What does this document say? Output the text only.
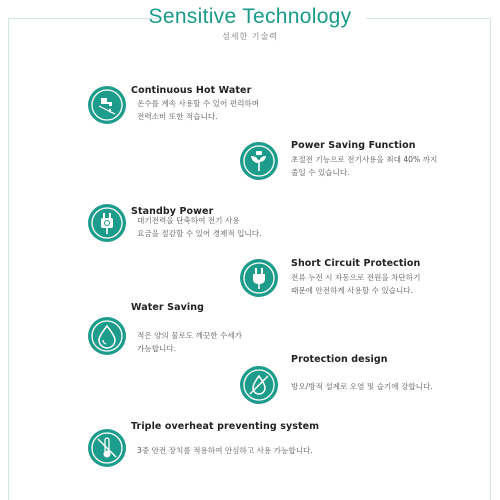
Sensitive Technology
섬세한 기술력
Continuous Hot Water
온수를 계속 사용할 수 있어 편리하며
전력소비 또한 적습니다.
Power Saving Function
초절전 기능으로 전기사용을 최대 40% 까지
줄일 수 있습니다.
Standby Power
대기전력을 단축하여 전기 사용
요금을 절감할 수 있어 경제적 입니다.
Short Circuit Protection
전류 누전 시 자동으로 전원을 차단하기
때문에 안전하게 사용할 수 있습니다.
Water Saving
적은 양의 물로도 깨끗한 수세가
가능합니다.
Protection design
방오/방적 설계로 오염 및 습기에 강합니다.
Triple overheat preventing system
3중 안전 장치를 적용하여 안심하고 사용 가능합니다.
